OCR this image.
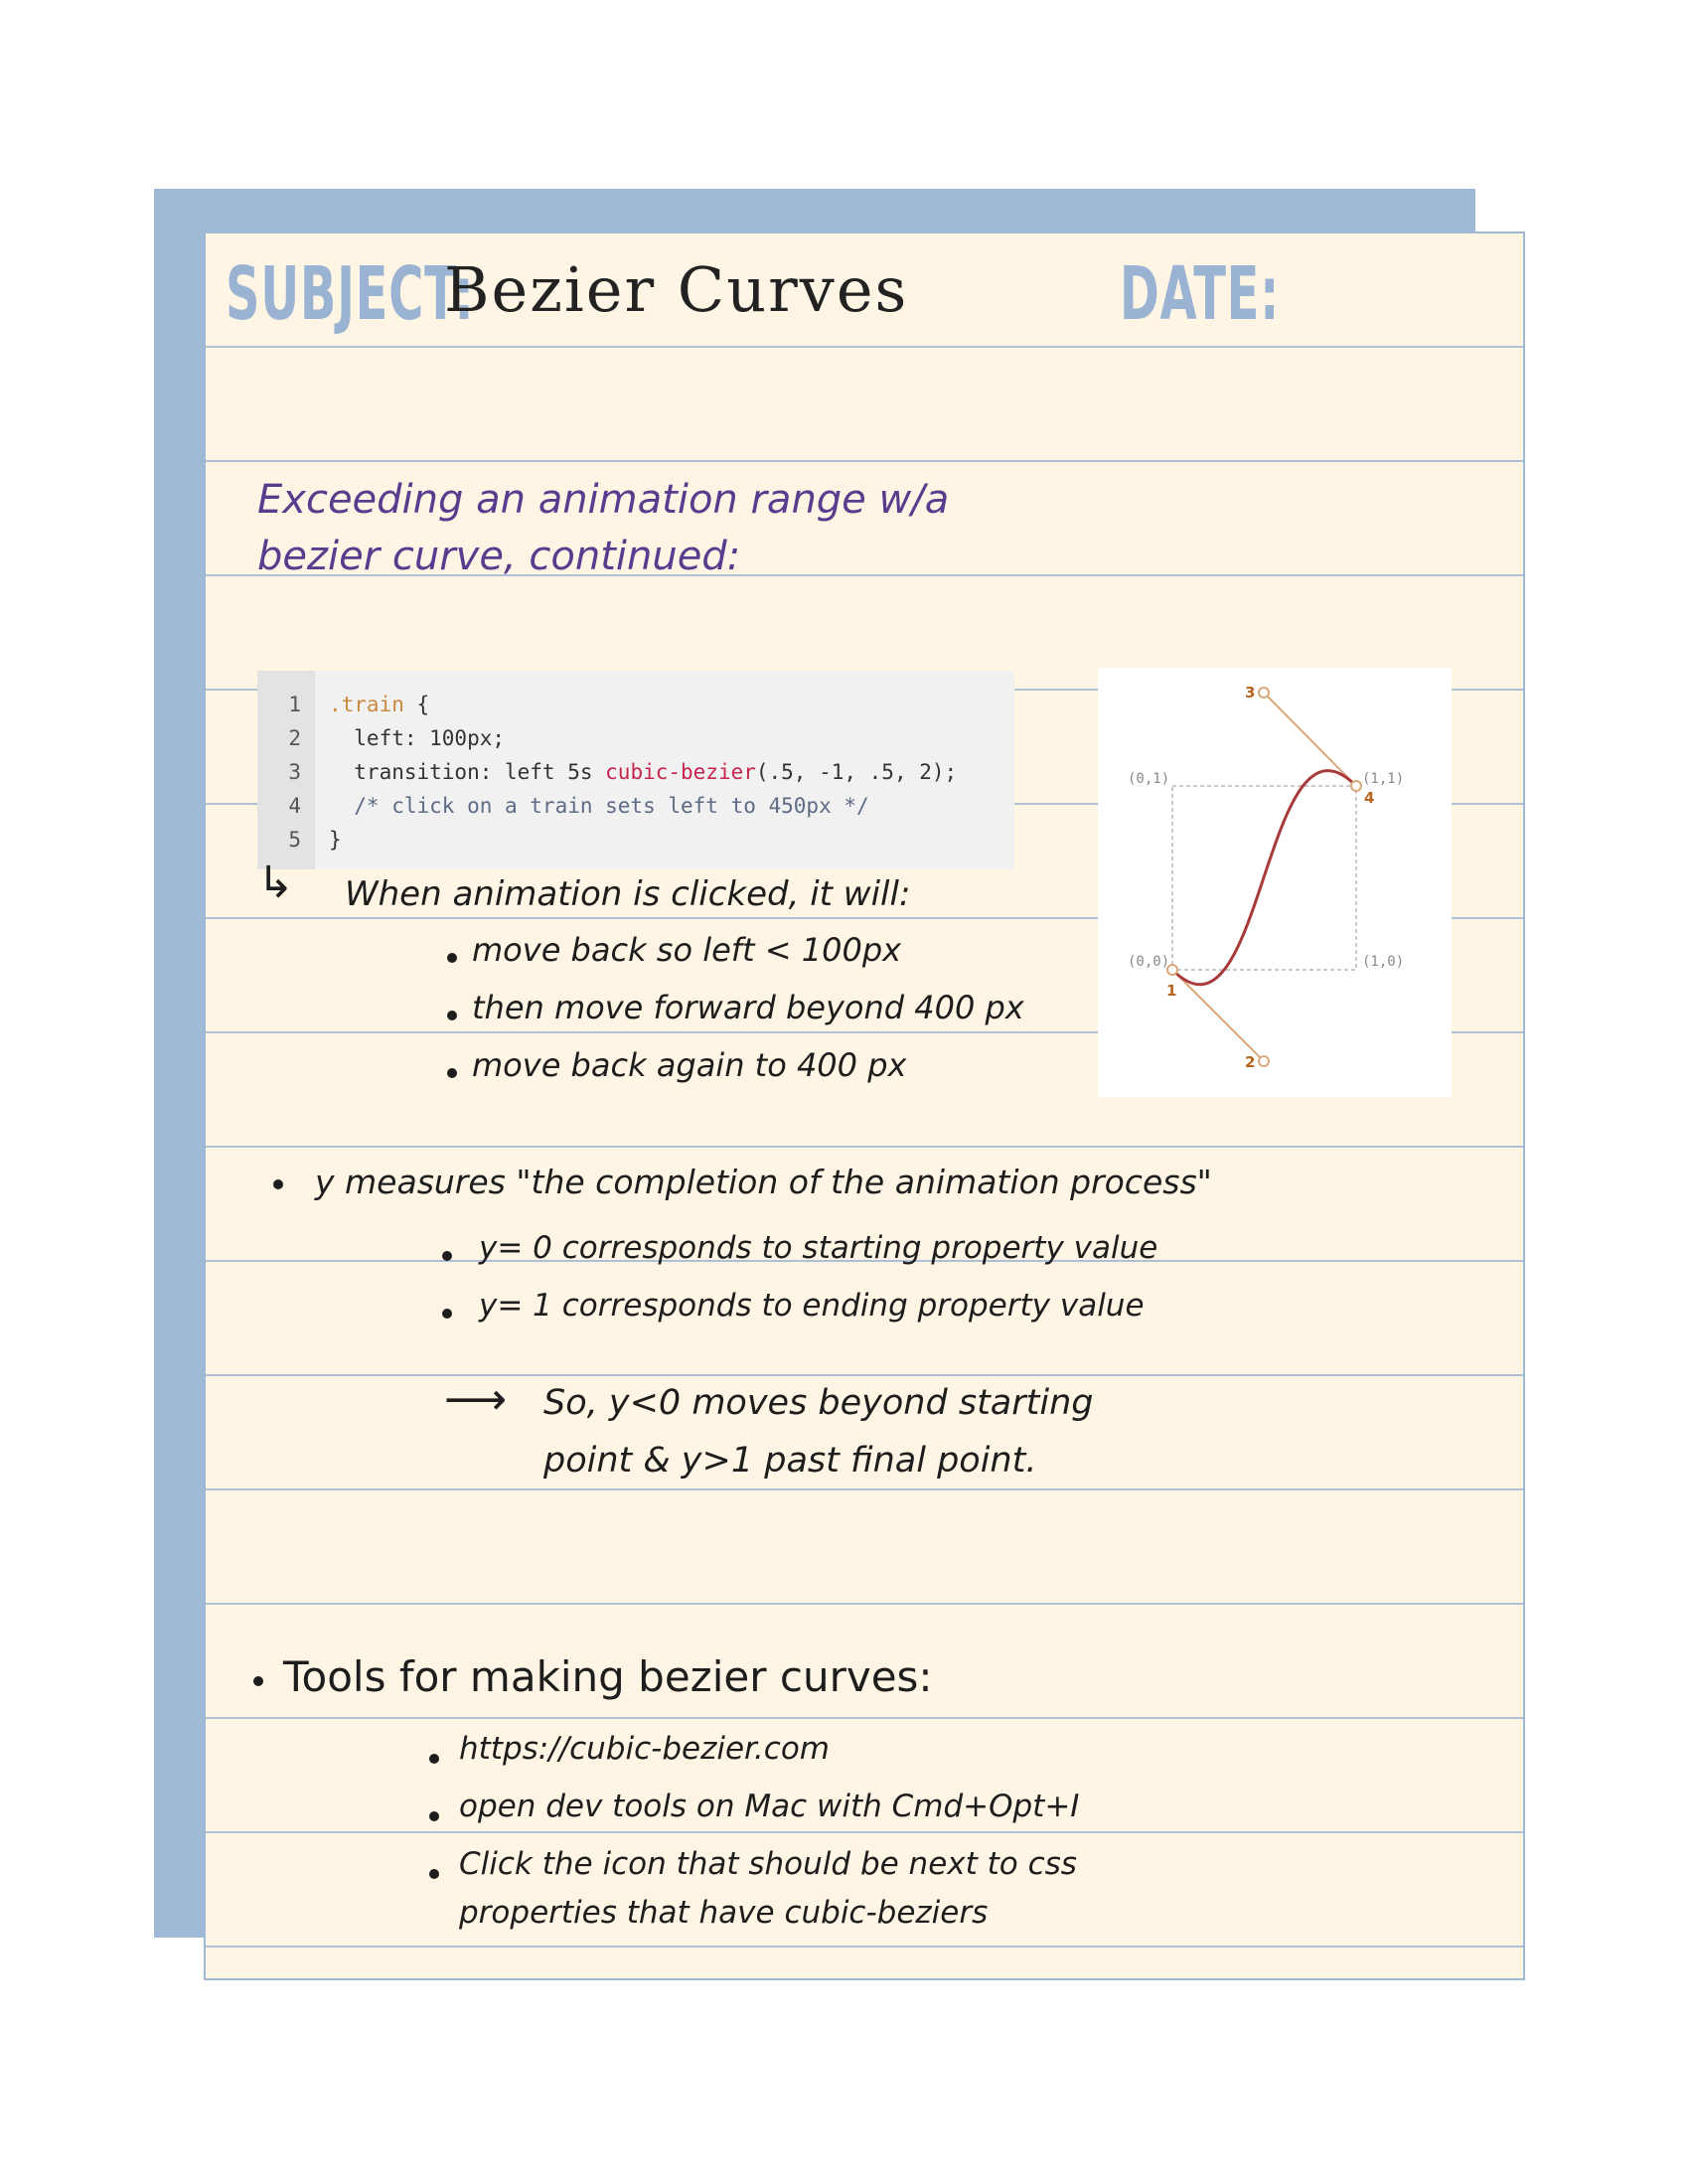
SUBJECT:
Bezier Curves	DATE:
Exceeding an animation range w/a
bezier curve, continued:
1
2
3
4
5
.train {
left: 100px;
transition: left 5s cubic-bezier(.5, -1, .5, 2);
/* click on a train sets left to 450px */
}
(0,1)	(1,1)
(0,0)	(1,0)
1
2
3
4
↳ When animation is clicked, it will:
move back so left < 100px
then move forward beyond 400 px
move back again to 400 px
y measures "the completion of the animation process"
y= 0 corresponds to starting property value
y= 1 corresponds to ending property value
⟶ So, y<0 moves beyond starting
point & y>1 past final point.
Tools for making bezier curves:
https://cubic-bezier.com
open dev tools on Mac with Cmd+Opt+I
Click the icon that should be next to css
properties that have cubic-beziers
